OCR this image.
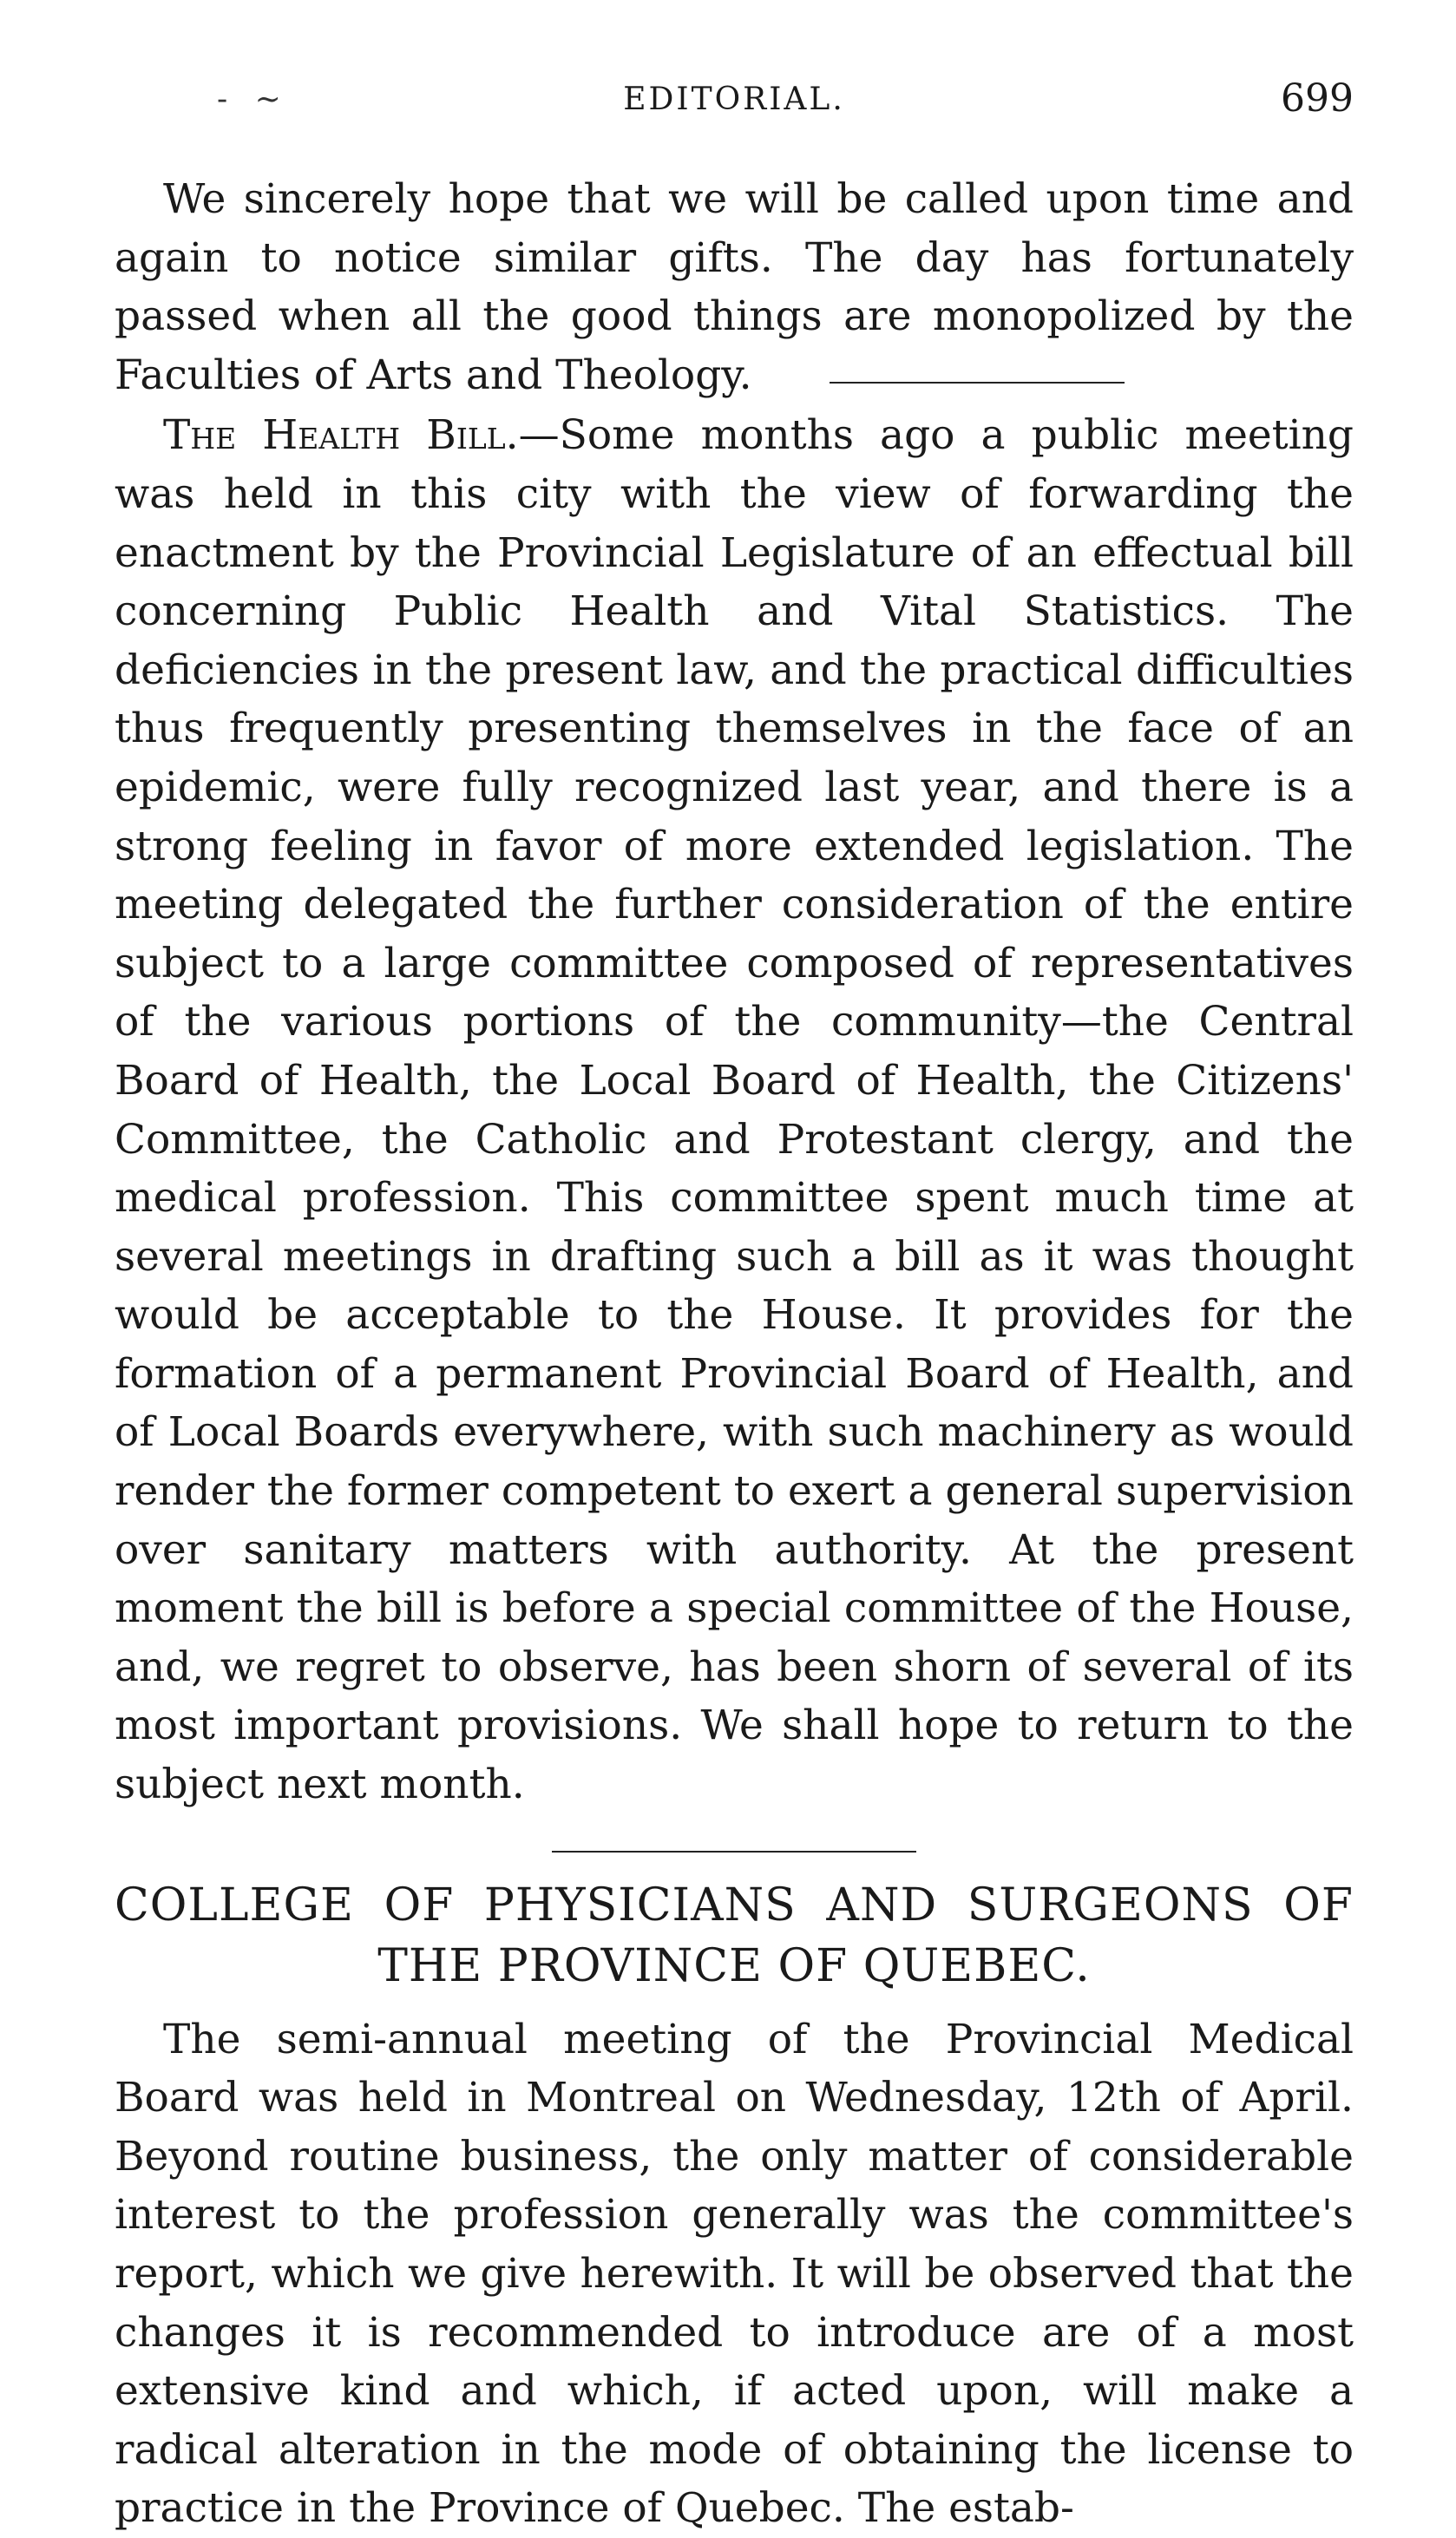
- ~	EDITORIAL.	699

We sincerely hope that we will be called upon time and again to notice similar gifts. The day has fortunately passed when all the good things are monopolized by the Faculties of Arts and Theology.

The Health Bill.—Some months ago a public meeting was held in this city with the view of forwarding the enactment by the Provincial Legislature of an effectual bill concerning Public Health and Vital Statistics. The deficiencies in the present law, and the practical difficulties thus frequently presenting themselves in the face of an epidemic, were fully recognized last year, and there is a strong feeling in favor of more extended legislation. The meeting delegated the further consideration of the entire subject to a large committee composed of representatives of the various portions of the community—the Central Board of Health, the Local Board of Health, the Citizens' Committee, the Catholic and Protestant clergy, and the medical profession. This committee spent much time at several meetings in drafting such a bill as it was thought would be acceptable to the House. It provides for the formation of a permanent Provincial Board of Health, and of Local Boards everywhere, with such machinery as would render the former competent to exert a general supervision over sanitary matters with authority. At the present moment the bill is before a special committee of the House, and, we regret to observe, has been shorn of several of its most important provisions. We shall hope to return to the subject next month.

COLLEGE OF PHYSICIANS AND SURGEONS OF
THE PROVINCE OF QUEBEC.

The semi-annual meeting of the Provincial Medical Board was held in Montreal on Wednesday, 12th of April. Beyond routine business, the only matter of considerable interest to the profession generally was the committee's report, which we give herewith. It will be observed that the changes it is recommended to introduce are of a most extensive kind and which, if acted upon, will make a radical alteration in the mode of obtaining the license to practice in the Province of Quebec. The estab-
